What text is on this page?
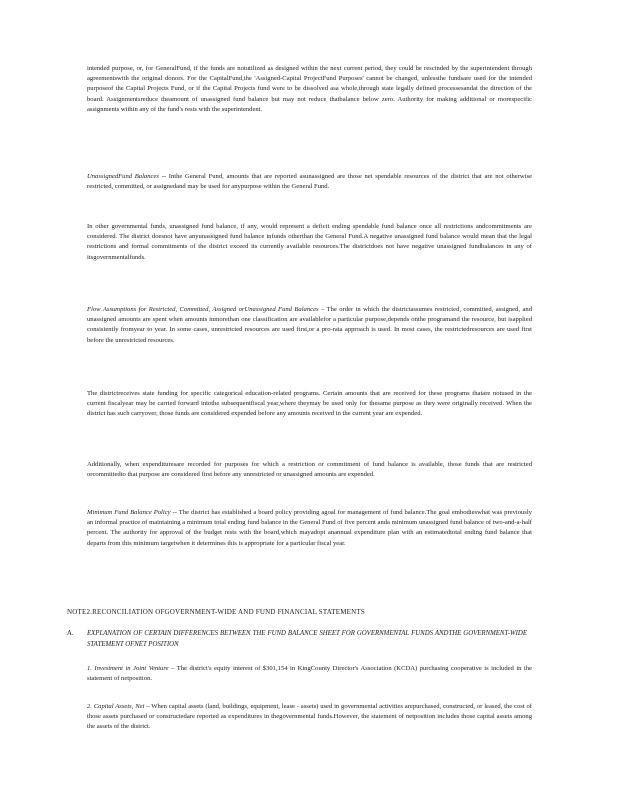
intended purpose, or, for GeneralFund, if the funds are notutilized as designed within the next current period, they could be rescinded by the superintendent through agreementswith the original donors. For the CapitalFund,the 'Assigned-Capital ProjectFund Purposes' cannot be changed, unlessthe fundsare used for the intended purposeof the Capital Projects Fund, or if the Capital Projects fund were to be dissolved asa whole,through state legally defined processesandat the direction of the board. Assignmentsreduce theamount of unassigned fund balance but may not reduce thatbalance below zero. Authority for making additional or morespecific assignments within any of the fund's rests with the superintendent.
UnassignedFund Balances -- Inthe General Fund, amounts that are reported asunassigned are those net spendable resources of the district that are not otherwise restricted, committed, or assignedand may be used for anypurpose within the General Fund.
In other governmental funds, unassigned fund balance, if any, would represent a deficit ending spendable fund balance once all restrictions andcommitments are considered. The district doesnot have anyunassigned fund balance infunds otherthan the General Fund.A negative unassigned fund balance would mean that the legal restrictions and formal commitments of the district exceed its currently available resources.The districtdoes not have negative unassigned fundbalances in any of itsgovernmentalfunds.
Flow Assumptions for Restricted, Committed, Assigned orUnassigned Fund Balances – The order in which the districtassumes restricted, committed, assigned, and unassigned amounts are spent when amounts inmorethan one classification are availablefor a particular purpose,depends onthe programand the resource, but isapplied consistently fromyear to year. In some cases, unrestricted resources are used first,or a pro-rata approach is used. In most cases, the restrictedresources are used first before the unrestricted resources.
The districtreceives state funding for specific categorical education-related programs. Certain amounts that are received for these programs thatare notused in the current fiscalyear may be carried forward intothe subsequentfiscal year,where theymay be used only for thesame purpose as they were originally received. When the district has such carryover, those funds are considered expended before any amounts received in the current year are expended.
Additionally, when expendituresare recorded for purposes for which a restriction or commitment of fund balance is available, those funds that are restricted orcommittedto that purpose are considered first before any unrestricted or unassigned amounts are expended.
Minimum Fund Balance Policy -- The district has established a board policy providing agoal for management of fund balance.The goal embodieswhat was previously an informal practice of maintaining a minimum total ending fund balance in the General Fund of five percent anda minimum unassigned fund balance of two-and-a-half percent. The authority for approval of the budget rests with the board,which mayadopt anannual expenditure plan with an estimatedtotal ending fund balance that departs from this minimum targetwhen it determines this is appropriate for a particular fiscal year.
NOTE2.RECONCILIATION OFGOVERNMENT-WIDE AND FUND FINANCIAL STATEMENTS
A. EXPLANATION OF CERTAIN DIFFERENCES BETWEEN THE FUND BALANCE SHEET FOR GOVERNMENTAL FUNDS ANDTHE GOVERNMENT-WIDE STATEMENT OFNET POSITION
1. Investment in Joint Venture – The district's equity interest of $301,154 in KingCounty Director's Association (KCDA) purchasing cooperative is included in the statement of netposition.
2. Capital Assets, Net – When capital assets (land, buildings, equipment, lease - assets) used in governmental activities arepurchased, constructed, or leased, the cost of those assets purchased or constructedare reported as expenditures in thegovernmental funds.However, the statement of netposition includes those capital assets among the assets of the district.
